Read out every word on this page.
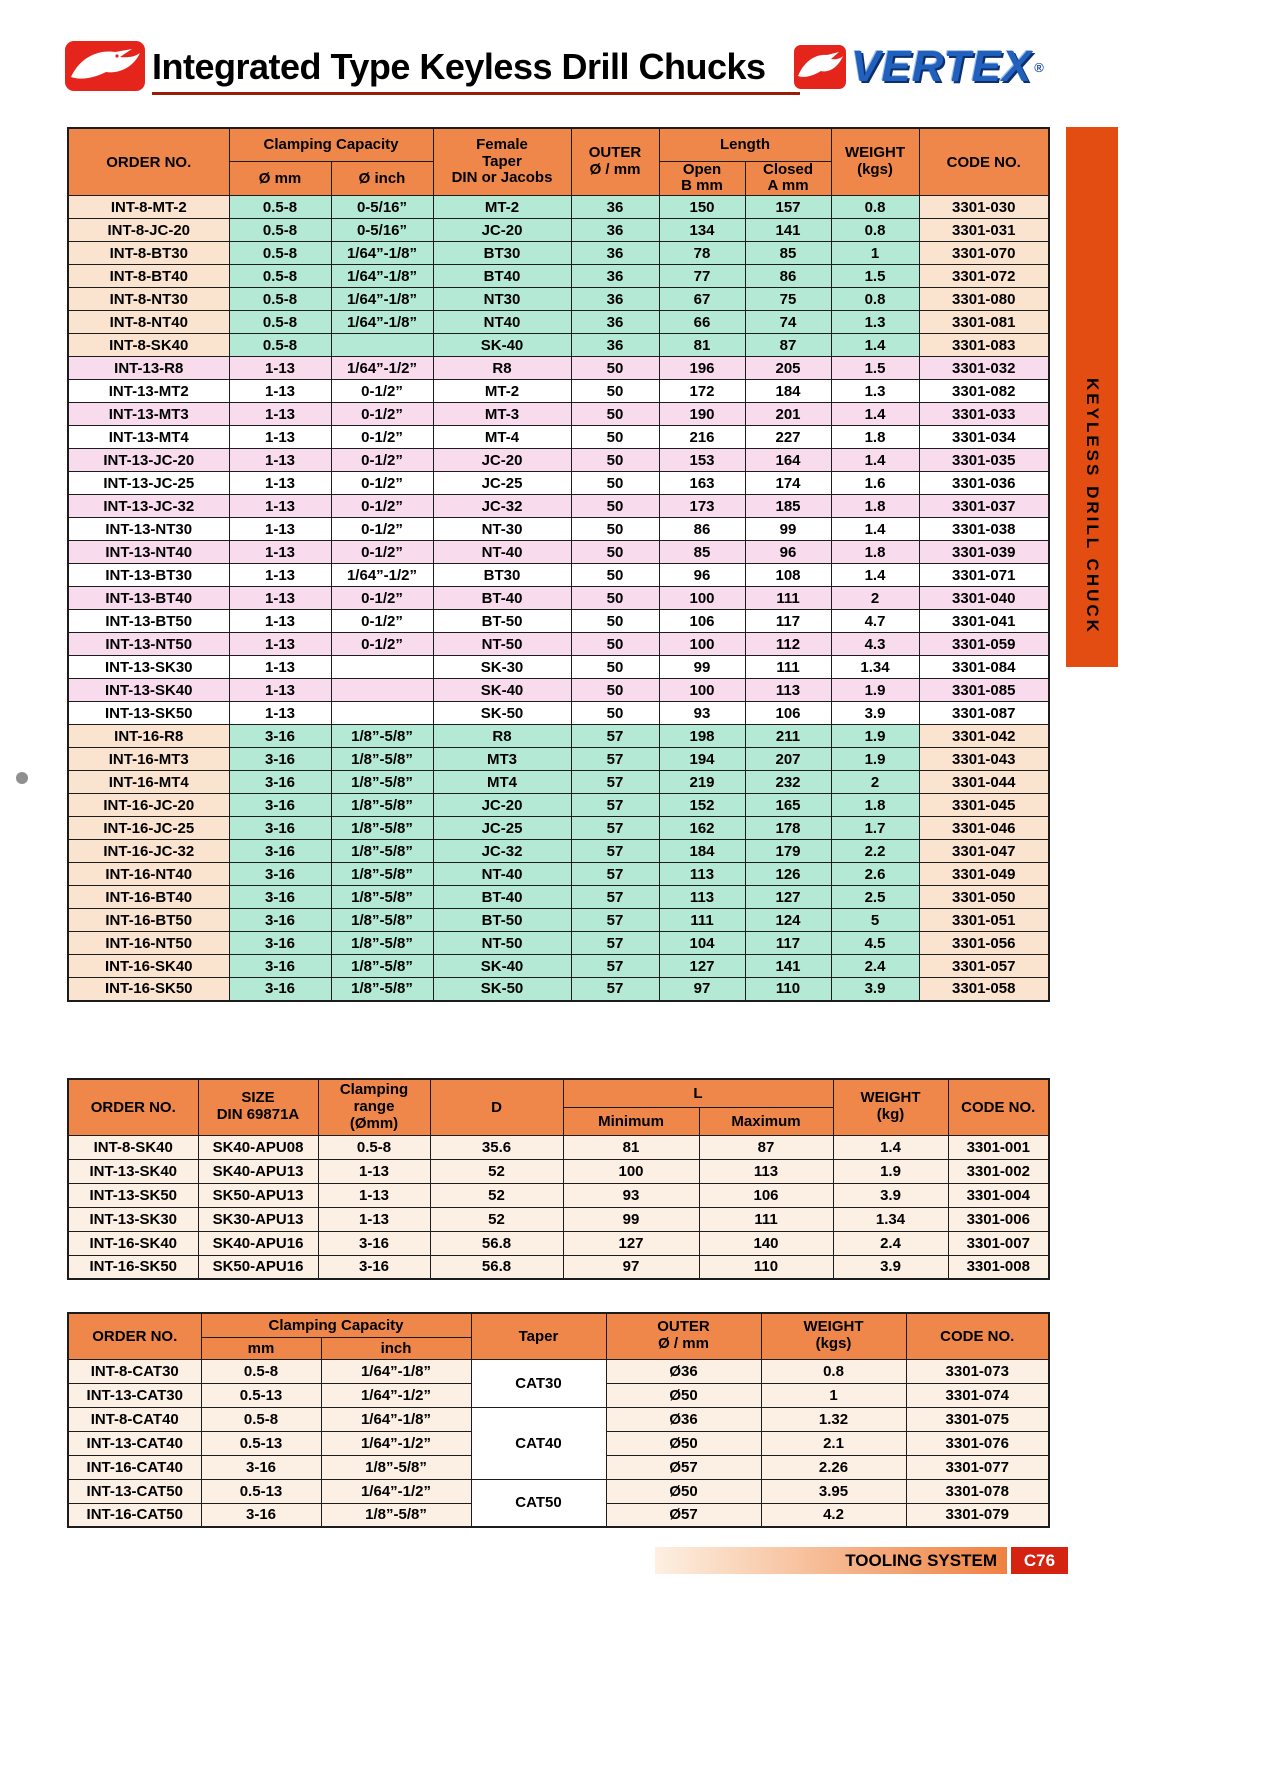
Integrated Type Keyless Drill Chucks	VERTEX ®
KEYLESS DRILL CHUCK
ORDER NO.	Clamping Capacity	Female
Taper
DIN or Jacobs

OUTER
Ø / mm
	Length	WEIGHT
(kgs)	CODE NO.
Ø mm	Ø inch	
Open
B mm

Closed
A mm

INT-8-MT-2	0.5-8	0-5/16”	MT-2	36	150	157	0.8	3301-030
INT-8-JC-20	0.5-8	0-5/16”	JC-20	36	134	141	0.8	3301-031
INT-8-BT30	0.5-8	1/64”-1/8”	BT30	36	78	85	1	3301-070
INT-8-BT40	0.5-8	1/64”-1/8”	BT40	36	77	86	1.5	3301-072
INT-8-NT30	0.5-8	1/64”-1/8”	NT30	36	67	75	0.8	3301-080
INT-8-NT40	0.5-8	1/64”-1/8”	NT40	36	66	74	1.3	3301-081
INT-8-SK40	0.5-8		SK-40	36	81	87	1.4	3301-083
INT-13-R8	1-13	1/64”-1/2”	R8	50	196	205	1.5	3301-032
INT-13-MT2	1-13	0-1/2”	MT-2	50	172	184	1.3	3301-082
INT-13-MT3	1-13	0-1/2”	MT-3	50	190	201	1.4	3301-033
INT-13-MT4	1-13	0-1/2”	MT-4	50	216	227	1.8	3301-034
INT-13-JC-20	1-13	0-1/2”	JC-20	50	153	164	1.4	3301-035
INT-13-JC-25	1-13	0-1/2”	JC-25	50	163	174	1.6	3301-036
INT-13-JC-32	1-13	0-1/2”	JC-32	50	173	185	1.8	3301-037
INT-13-NT30	1-13	0-1/2”	NT-30	50	86	99	1.4	3301-038
INT-13-NT40	1-13	0-1/2”	NT-40	50	85	96	1.8	3301-039
INT-13-BT30	1-13	1/64”-1/2”	BT30	50	96	108	1.4	3301-071
INT-13-BT40	1-13	0-1/2”	BT-40	50	100	111	2	3301-040
INT-13-BT50	1-13	0-1/2”	BT-50	50	106	117	4.7	3301-041
INT-13-NT50	1-13	0-1/2”	NT-50	50	100	112	4.3	3301-059
INT-13-SK30	1-13		SK-30	50	99	111	1.34	3301-084
INT-13-SK40	1-13		SK-40	50	100	113	1.9	3301-085
INT-13-SK50	1-13		SK-50	50	93	106	3.9	3301-087
INT-16-R8	3-16	1/8”-5/8”	R8	57	198	211	1.9	3301-042
INT-16-MT3	3-16	1/8”-5/8”	MT3	57	194	207	1.9	3301-043
INT-16-MT4	3-16	1/8”-5/8”	MT4	57	219	232	2	3301-044
INT-16-JC-20	3-16	1/8”-5/8”	JC-20	57	152	165	1.8	3301-045
INT-16-JC-25	3-16	1/8”-5/8”	JC-25	57	162	178	1.7	3301-046
INT-16-JC-32	3-16	1/8”-5/8”	JC-32	57	184	179	2.2	3301-047
INT-16-NT40	3-16	1/8”-5/8”	NT-40	57	113	126	2.6	3301-049
INT-16-BT40	3-16	1/8”-5/8”	BT-40	57	113	127	2.5	3301-050
INT-16-BT50	3-16	1/8”-5/8”	BT-50	57	111	124	5	3301-051
INT-16-NT50	3-16	1/8”-5/8”	NT-50	57	104	117	4.5	3301-056
INT-16-SK40	3-16	1/8”-5/8”	SK-40	57	127	141	2.4	3301-057
INT-16-SK50	3-16	1/8”-5/8”	SK-50	57	97	110	3.9	3301-058
ORDER NO.	
SIZE
DIN 69871A

Clamping
range
(Ømm)
	D	L	WEIGHT
(kg)	CODE NO.
				Minimum	Maximum		
INT-8-SK40	SK40-APU08	0.5-8	35.6	81	87	1.4	3301-001
INT-13-SK40	SK40-APU13	1-13	52	100	113	1.9	3301-002
INT-13-SK50	SK50-APU13	1-13	52	93	106	3.9	3301-004
INT-13-SK30	SK30-APU13	1-13	52	99	111	1.34	3301-006
INT-16-SK40	SK40-APU16	3-16	56.8	127	140	2.4	3301-007
INT-16-SK50	SK50-APU16	3-16	56.8	97	110	3.9	3301-008
ORDER NO.	Clamping Capacity	Taper	
OUTER
Ø / mm

WEIGHT
(kgs)	CODE NO.
	mm	inch				
INT-8-CAT30	0.5-8	1/64”-1/8”	CAT30	Ø36	0.8	3301-073
INT-13-CAT30	0.5-13	1/64”-1/2”		Ø50	1	3301-074
INT-8-CAT40	0.5-8	1/64”-1/8”	CAT40	Ø36	1.32	3301-075
INT-13-CAT40	0.5-13	1/64”-1/2”		Ø50	2.1	3301-076
INT-16-CAT40	3-16	1/8”-5/8”		Ø57	2.26	3301-077
INT-13-CAT50	0.5-13	1/64”-1/2”	CAT50	Ø50	3.95	3301-078
INT-16-CAT50	3-16	1/8”-5/8”		Ø57	4.2	3301-079
TOOLING SYSTEM	C76
